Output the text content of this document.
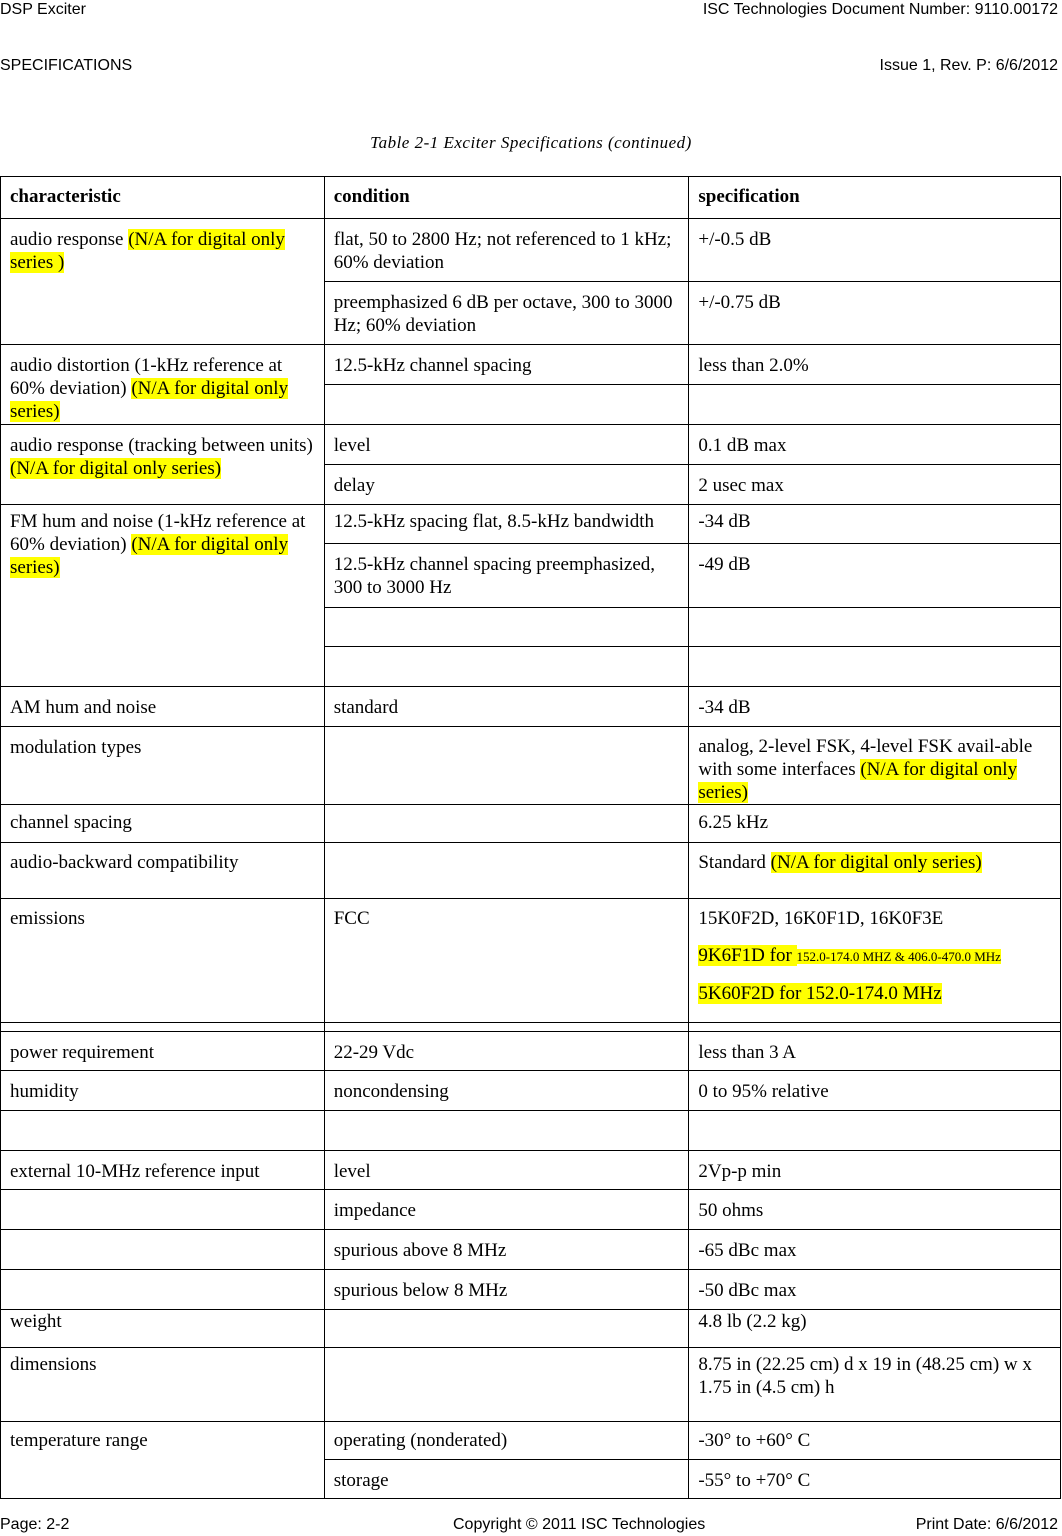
DSP Exciter	ISC Technologies Document Number: 9110.00172
SPECIFICATIONS	Issue 1, Rev. P: 6/6/2012
Table 2-1 Exciter Specifications (continued)
characteristic	condition	specification
audio response (N/A for digital only series )	flat, 50 to 2800 Hz; not referenced to 1 kHz; 60% deviation	+/-0.5 dB
	preemphasized 6 dB per octave, 300 to 3000 Hz; 60% deviation	+/-0.75 dB
audio distortion (1-kHz reference at 60% deviation) (N/A for digital only series)	12.5-kHz channel spacing	less than 2.0%

audio response (tracking between units) (N/A for digital only series)	level	0.1 dB max
	delay	2 usec max
FM hum and noise (1-kHz reference at 60% deviation) (N/A for digital only series)	12.5-kHz spacing flat, 8.5-kHz bandwidth	-34 dB
	12.5-kHz channel spacing preemphasized, 300 to 3000 Hz	-49 dB

AM hum and noise	standard	-34 dB
modulation types		analog, 2-level FSK, 4-level FSK avail-able with some interfaces (N/A for digital only series)
channel spacing		6.25 kHz
audio-backward compatibility		Standard (N/A for digital only series)
emissions	FCC	15K0F2D, 16K0F1D, 16K0F3E
9K6F1D for 152.0-174.0 MHZ & 406.0-470.0 MHz
5K60F2D for 152.0-174.0 MHz

power requirement	22-29 Vdc	less than 3 A
humidity	noncondensing	0 to 95% relative

external 10-MHz reference input	level	2Vp-p min
	impedance	50 ohms
	spurious above 8 MHz	-65 dBc max
	spurious below 8 MHz	-50 dBc max
weight		4.8 lb (2.2 kg)
dimensions		8.75 in (22.25 cm) d x 19 in (48.25 cm) w x 1.75 in (4.5 cm) h
temperature range	operating (nonderated)	-30° to +60° C
	storage	-55° to +70° C
Page: 2-2	Copyright © 2011 ISC Technologies	Print Date: 6/6/2012
